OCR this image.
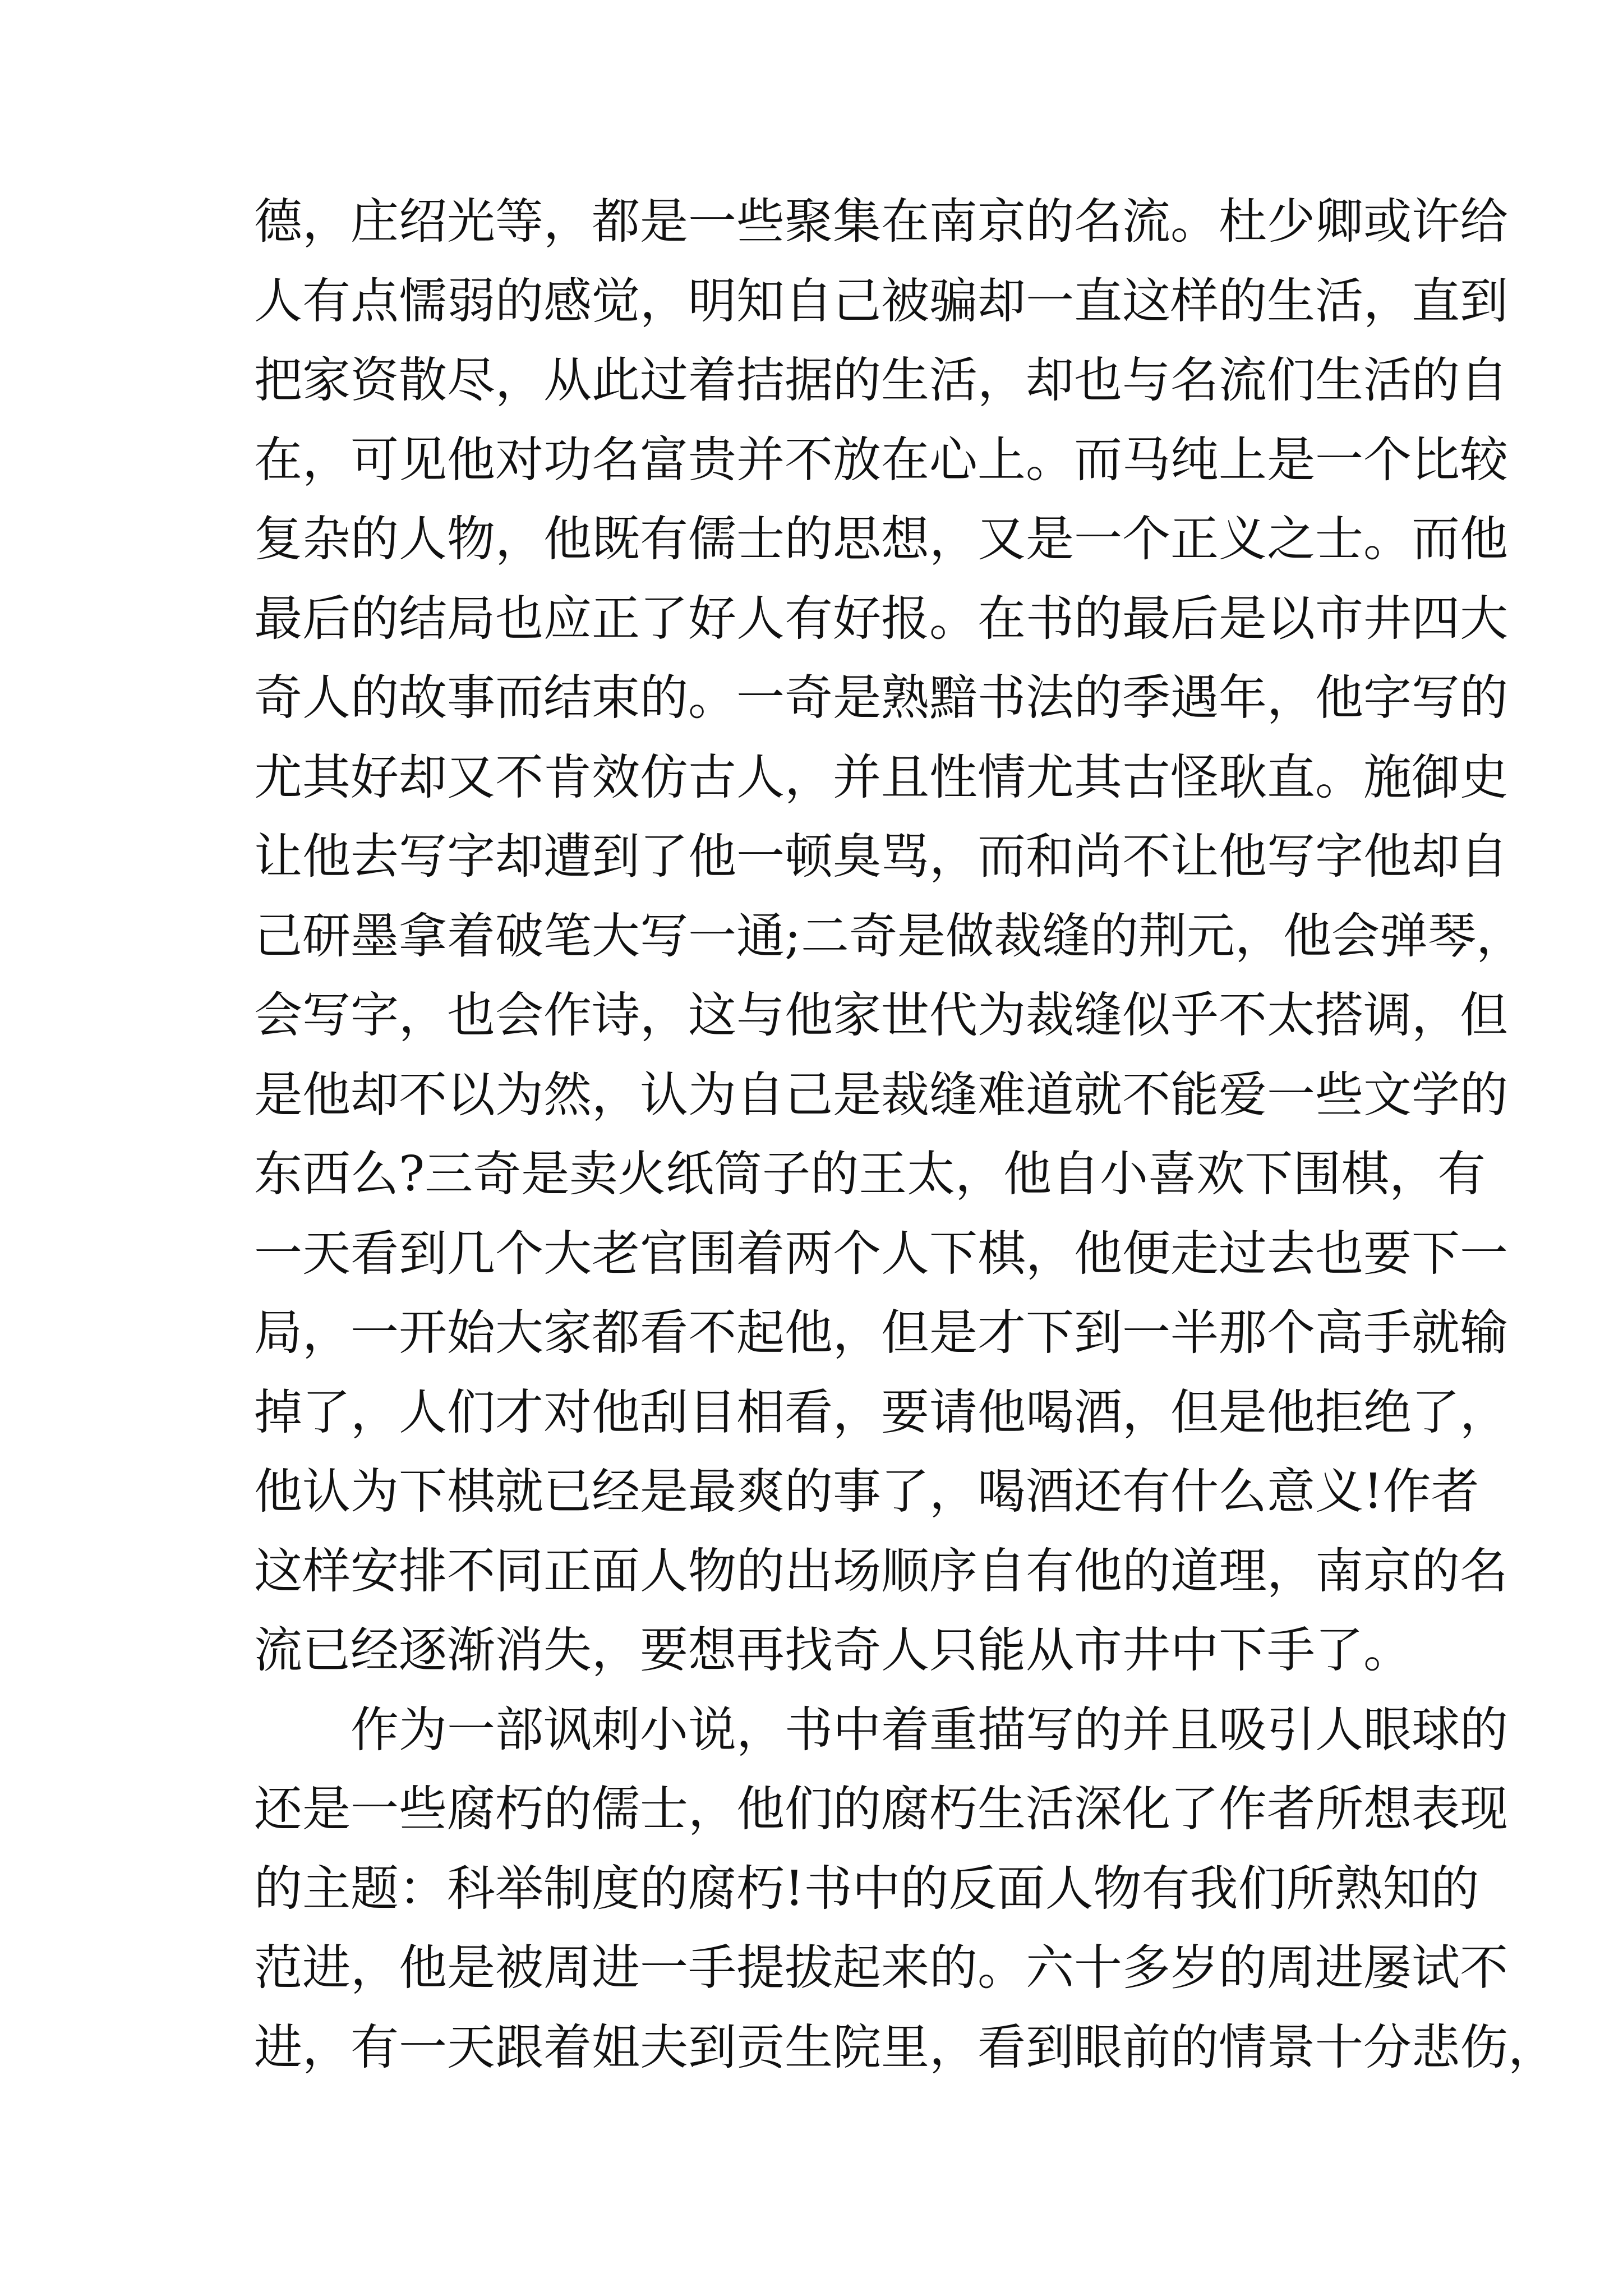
德，庄绍光等，都是一些聚集在南京的名流。杜少卿或许给
人有点懦弱的感觉，明知自己被骗却一直这样的生活，直到
把家资散尽，从此过着拮据的生活，却也与名流们生活的自
在，可见他对功名富贵并不放在心上。而马纯上是一个比较
复杂的人物，他既有儒士的思想，又是一个正义之士。而他
最后的结局也应正了好人有好报。在书的最后是以市井四大
奇人的故事而结束的。一奇是熟黯书法的季遇年，他字写的
尤其好却又不肯效仿古人，并且性情尤其古怪耿直。施御史
让他去写字却遭到了他一顿臭骂，而和尚不让他写字他却自
己研墨拿着破笔大写一通;二奇是做裁缝的荆元，他会弹琴，
会写字，也会作诗，这与他家世代为裁缝似乎不太搭调，但
是他却不以为然，认为自己是裁缝难道就不能爱一些文学的
东西么?三奇是卖火纸筒子的王太，他自小喜欢下围棋，有
一天看到几个大老官围着两个人下棋，他便走过去也要下一
局，一开始大家都看不起他，但是才下到一半那个高手就输
掉了，人们才对他刮目相看，要请他喝酒，但是他拒绝了，
他认为下棋就已经是最爽的事了，喝酒还有什么意义!作者
这样安排不同正面人物的出场顺序自有他的道理，南京的名
流已经逐渐消失，要想再找奇人只能从市井中下手了。
作为一部讽刺小说，书中着重描写的并且吸引人眼球的
还是一些腐朽的儒士，他们的腐朽生活深化了作者所想表现
的主题：科举制度的腐朽!书中的反面人物有我们所熟知的
范进，他是被周进一手提拔起来的。六十多岁的周进屡试不
进，有一天跟着姐夫到贡生院里，看到眼前的情景十分悲伤，
